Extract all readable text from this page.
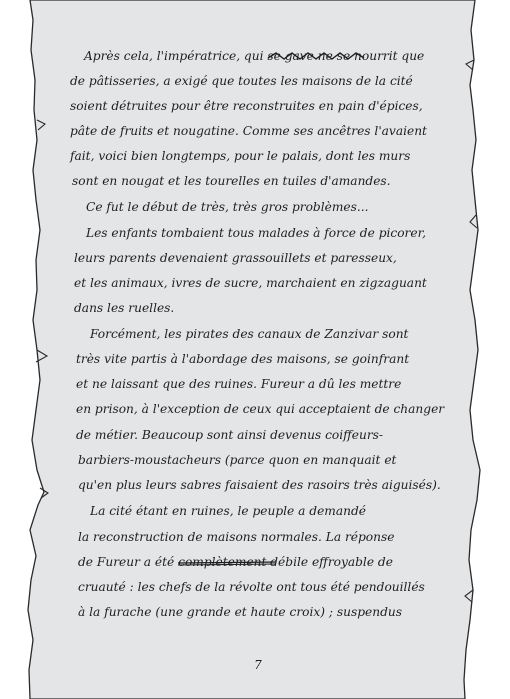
Après cela, l'impératrice, qui se gave
ne se nourrit que
de pâtisseries, a exigé que toutes les maisons de la cité
soient détruites pour être reconstruites en pain d'épices,
pâte de fruits et nougatine. Comme ses ancêtres l'avaient
fait, voici bien longtemps, pour le palais, dont les murs
sont en nougat et les tourelles en tuiles d'amandes.
Ce fut le début de très, très gros problèmes...
Les enfants tombaient tous malades à force de picorer,
leurs parents devenaient grassouillets et paresseux,
et les animaux, ivres de sucre, marchaient en zigzaguant
dans les ruelles.
Forcément, les pirates des canaux de Zanzivar sont
très vite partis à l'abordage des maisons, se goinfrant
et ne laissant que des ruines. Fureur a dû les mettre
en prison, à l'exception de ceux qui acceptaient de changer
de métier. Beaucoup sont ainsi devenus coiffeurs-
barbiers-moustacheurs (parce quon en manquait et
qu'en plus leurs sabres faisaient des rasoirs très aiguisés).
La cité étant en ruines, le peuple a demandé
la reconstruction de maisons normales. La réponse
de Fureur a été complètement débile
effroyable de
cruauté : les chefs de la révolte ont tous été pendouillés
à la furache (une grande et haute croix) ; suspendus
7
